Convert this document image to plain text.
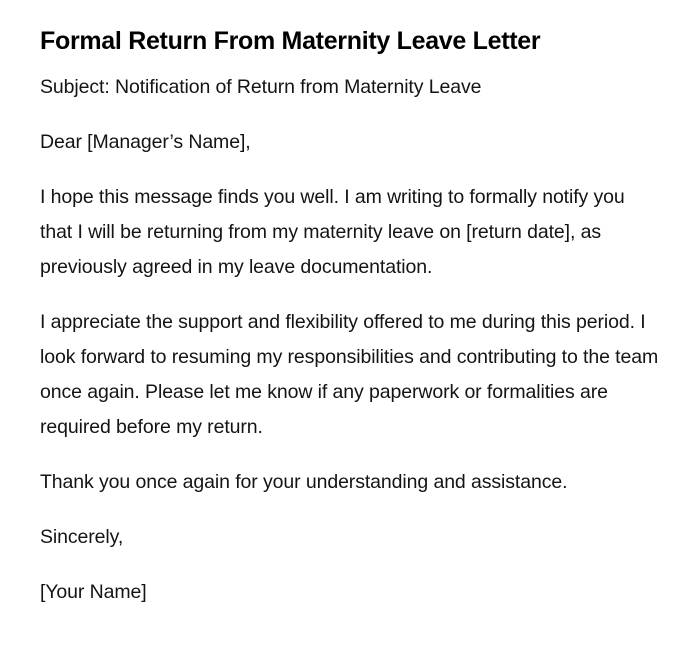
Formal Return From Maternity Leave Letter

Subject: Notification of Return from Maternity Leave

Dear [Manager’s Name],

I hope this message finds you well. I am writing to formally notify you that I will be returning from my maternity leave on [return date], as previously agreed in my leave documentation.

I appreciate the support and flexibility offered to me during this period. I look forward to resuming my responsibilities and contributing to the team once again. Please let me know if any paperwork or formalities are required before my return.

Thank you once again for your understanding and assistance.

Sincerely,

[Your Name]
